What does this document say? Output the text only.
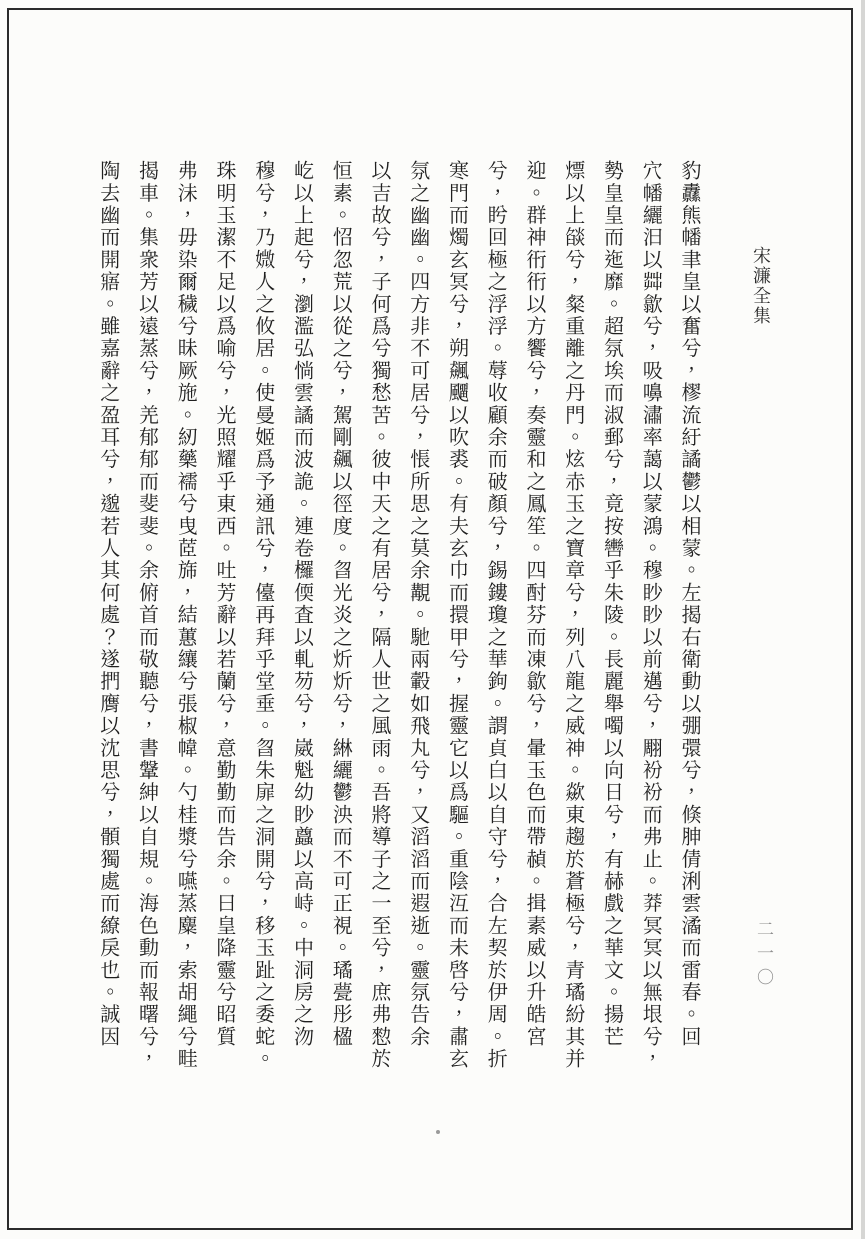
宋濂全集
二一〇
豹纛熊幡聿皇以奮兮，樛流紆譎鬱以相蒙。左揭右衛動以弸彋兮，倏胂倩浰雲潏而雷春。回
穴幡纚汩以茻歙兮，吸嚊潚率藹以蒙鴻。穆眇眇以前邁兮，翢衯衯而弗止。莽冥冥以無垠兮，
勢皇皇而迤靡。超氛埃而淑郵兮，竟按轡乎朱陵。長麗舉噣以向日兮，有赫戲之華文。揚芒
熛以上燄兮，粲重離之丹門。炫赤玉之寶章兮，列八龍之威神。歘東趨於蒼極兮，青璚紛其并
迎。群神衎衎以方饗兮，奏靈和之鳳笙。四酎芬而凍歙兮，暈玉色而帶赬。揖素威以升皓宮
兮，盻回極之浮浮。蓐收顧余而破顏兮，錫鏤瓊之華鉤。謂貞白以自守兮，合左契於伊周。折
寒門而燭玄冥兮，朔飆飅以吹裘。有夫玄巾而擐甲兮，握靈它以爲驅。重陰沍而未啓兮，肅玄
氛之幽幽。四方非不可居兮，悵所思之莫余覯。馳兩轂如飛丸兮，又滔滔而遐逝。靈氛告余
以吉故兮，子何爲兮獨愁苦。彼中天之有居兮，隔人世之風雨。吾將導子之一至兮，庶弗愸於
恒素。怊忽荒以從之兮，駕剛飆以徑度。曶光炎之炘炘兮，綝纚鬱泱而不可正視。璚甍彤楹
屹以上起兮，瀏濫弘惝雲譎而波詭。連卷欏偄査以軋芴兮，崴魁幼眇蠤以高峙。中洞房之沕
穆兮，乃媺人之攸居。使曼姬爲予通訊兮，儓再拜乎堂垂。曶朱扉之洞開兮，移玉趾之委蛇。
珠明玉潔不足以爲喻兮，光照耀乎東西。吐芳辭以若蘭兮，意勤勤而告余。曰皇降靈兮昭質
弗沬，毋染爾穢兮昧厥施。紉藥襦兮曳茝旆，結蕙纕兮張椒幃。勺桂漿兮嚥蒸麋，索胡繩兮畦
揭車。集衆芳以遠蒸兮，羌郁郁而斐斐。余俯首而敬聽兮，書鞶紳以自規。海色動而報曙兮，
陶去幽而開寤。雖嘉辭之盈耳兮，邈若人其何處？遂捫膺以沈思兮，顝獨處而繚戾也。誠因
